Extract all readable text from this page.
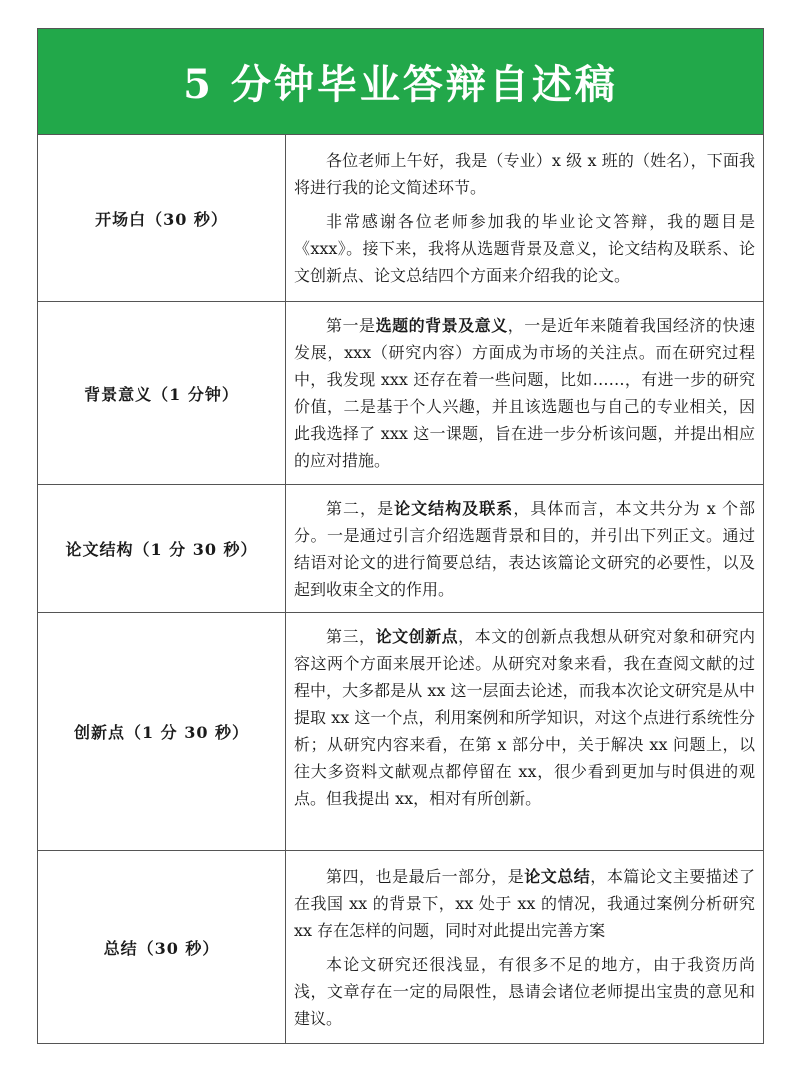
5 分钟毕业答辩自述稿
开场白（30 秒）

各位老师上午好，我是（专业）x 级 x 班的（姓名），下面我将进行我的论文简述环节。

非常感谢各位老师参加我的毕业论文答辩，我的题目是《xxx》。接下来，我将从选题背景及意义，论文结构及联系、论文创新点、论文总结四个方面来介绍我的论文。

背景意义（1 分钟）

第一是选题的背景及意义，一是近年来随着我国经济的快速发展，xxx（研究内容）方面成为市场的关注点。而在研究过程中，我发现 xxx 还存在着一些问题，比如……，有进一步的研究价值，二是基于个人兴趣，并且该选题也与自己的专业相关，因此我选择了 xxx 这一课题，旨在进一步分析该问题，并提出相应的应对措施。

论文结构（1 分 30 秒）

第二，是论文结构及联系，具体而言，本文共分为 x 个部分。一是通过引言介绍选题背景和目的，并引出下列正文。通过结语对论文的进行简要总结，表达该篇论文研究的必要性，以及起到收束全文的作用。

创新点（1 分 30 秒）

第三，论文创新点，本文的创新点我想从研究对象和研究内容这两个方面来展开论述。从研究对象来看，我在查阅文献的过程中，大多都是从 xx 这一层面去论述，而我本次论文研究是从中提取 xx 这一个点，利用案例和所学知识，对这个点进行系统性分析；从研究内容来看，在第 x 部分中，关于解决 xx 问题上，以往大多资料文献观点都停留在 xx，很少看到更加与时俱进的观点。但我提出 xx，相对有所创新。

总结（30 秒）

第四，也是最后一部分，是论文总结，本篇论文主要描述了在我国 xx 的背景下，xx 处于 xx 的情况，我通过案例分析研究 xx 存在怎样的问题，同时对此提出完善方案

本论文研究还很浅显，有很多不足的地方，由于我资历尚浅，文章存在一定的局限性，恳请会诸位老师提出宝贵的意见和建议。
